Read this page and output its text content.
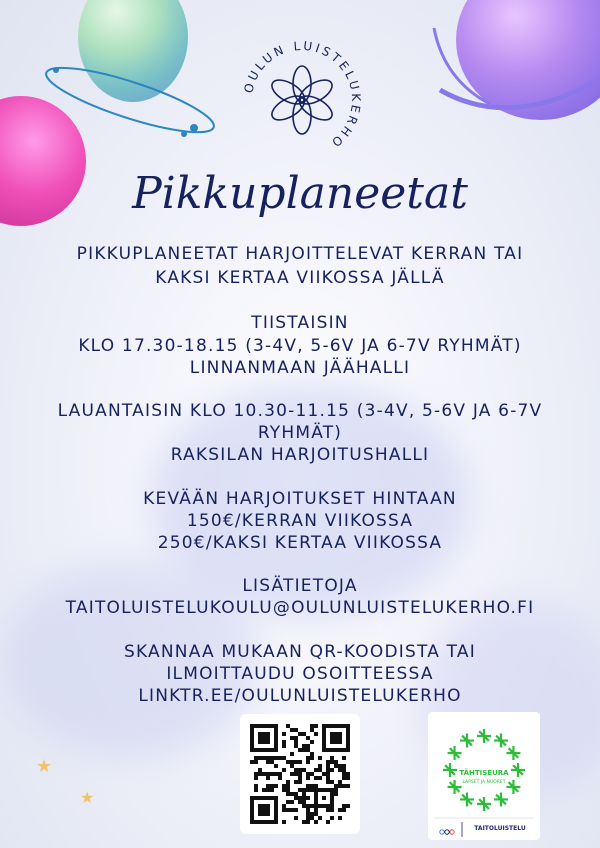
OULUN LUISTELUKERHO
Pikkuplaneetat
PIKKUPLANEETAT HARJOITTELEVAT KERRAN TAI
KAKSI KERTAA VIIKOSSA JÄLLÄ
TIISTAISIN
KLO 17.30-18.15 (3-4V, 5-6V JA 6-7V RYHMÄT)
LINNANMAAN JÄÄHALLI
LAUANTAISIN KLO 10.30-11.15 (3-4V, 5-6V JA 6-7V
RYHMÄT)
RAKSILAN HARJOITUSHALLI
KEVÄÄN HARJOITUKSET HINTAAN
150€/KERRAN VIIKOSSA
250€/KAKSI KERTAA VIIKOSSA
LISÄTIETOJA
TAITOLUISTELUKOULU@OULUNLUISTELUKERHO.FI
SKANNAA MUKAAN QR-KOODISTA TAI
ILMOITTAUDU OSOITTEESSA
LINKTR.EE/OULUNLUISTELUKERHO
TÄHTISEURA
LAPSET JA NUORET
TAITOLUISTELU
★
★
✦
